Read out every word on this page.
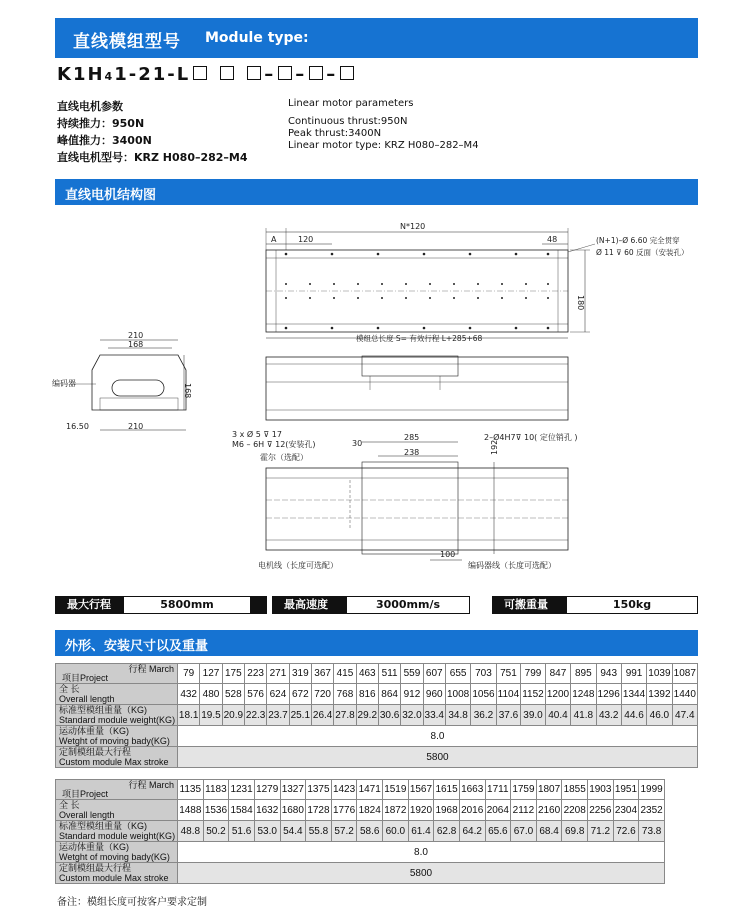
直线模组型号 Module type:
K1H41-21-L	– – –
直线电机参数
持续推力：950N
峰值推力：3400N
直线电机型号：KRZ H080–282–M4
Linear motor parameters
Continuous thrust:950N
Peak thrust:3400N
Linear motor type: KRZ H080–282–M4
直线电机结构图
N*120
A	120	48
180
(N+1)–Ø 6.60 完全贯穿
Ø 11 ⊽ 60 反面（安装孔）
模组总长度 S= 有效行程 L+285+68
210
168
168
编码器
16.50	210
3 x Ø 5 ⊽ 17
M6 – 6H ⊽ 12(安装孔)
霍尔（选配）
30
285
238
2–Ø4H7⊽ 10( 定位销孔 )
192
100
电机线（长度可选配）	编码器线（长度可选配）
最大行程	5800mm	最高速度	3000mm/s	可搬重量	150kg
外形、安装尺寸以及重量
行程 March
项目Project	79	127	175	223	271	319	367	415	463	511	559	607	655	703	751	799	847	895	943	991	1039	1087

全 长
Overall length	432	480	528	576	624	672	720	768	816	864	912	960	1008	1056	1104	1152	1200	1248	1296	1344	1392	1440

标准型模组重量（KG)
Standard module weight(KG)	18.1	19.5	20.9	22.3	23.7	25.1	26.4	27.8	29.2	30.6	32.0	33.4	34.8	36.2	37.6	39.0	40.4	41.8	43.2	44.6	46.0	47.4

运动体重量（KG)
Wetght of moving bady(KG)	8.0																					

定制模组最大行程
Custom module Max stroke	5800																					
行程 March
项目Project	1135	1183	1231	1279	1327	1375	1423	1471	1519	1567	1615	1663	1711	1759	1807	1855	1903	1951	1999

全 长
Overall length	1488	1536	1584	1632	1680	1728	1776	1824	1872	1920	1968	2016	2064	2112	2160	2208	2256	2304	2352

标准型模组重量（KG)
Standard module weight(KG)	48.8	50.2	51.6	53.0	54.4	55.8	57.2	58.6	60.0	61.4	62.8	64.2	65.6	67.0	68.4	69.8	71.2	72.6	73.8

运动体重量（KG)
Wetght of moving bady(KG)	8.0																		

定制模组最大行程
Custom module Max stroke	5800																		
备注：模组长度可按客户要求定制
